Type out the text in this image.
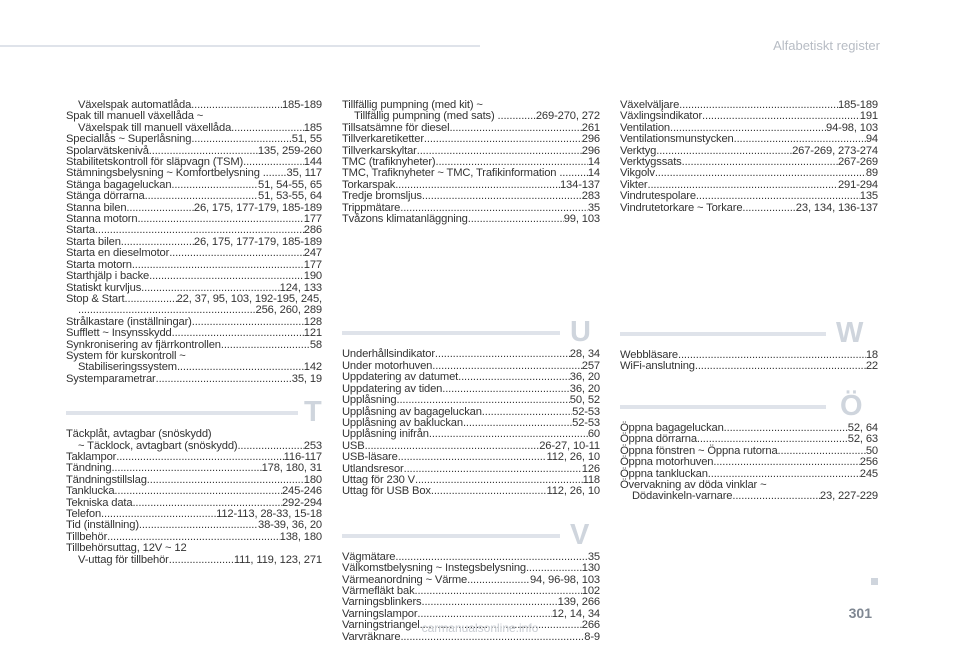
Alfabetiskt register
Växelspak automatlåda .....	185-189
Spak till manuell växellåda ~
Växelspak till manuell växellåda .....	185
Speciallås ~ Superlåsning .....	51, 55
Spolarvätskenivå .....	135, 259-260
Stabilitetskontroll för släpvagn (TSM) .....	144
Stämningsbelysning ~ Komfortbelysning ... ..... 35, 117
Stänga bagageluckan .....	51, 54-55, 65
Stänga dörrarna .....	51, 53-55, 64
Stanna bilen .....	26, 175, 177-179, 185-189
Stanna motorn .....	177
Starta .....	286
Starta bilen .....	26, 175, 177-179, 185-189
Starta en dieselmotor .....	247
Starta motorn .....	177
Starthjälp i backe .....	190
Statiskt kurvljus .....	124, 133
Stop & Start .....	22, 37, 95, 103, 192-195, 245,
.....
256, 260, 289
Strålkastare (inställningar) .....	128
Sufflett ~ Insynsskydd .....	121
Synkronisering av fjärrkontrollen .....	58
System för kurskontroll ~
Stabiliseringssystem .....	142
Systemparametrar .....	35, 19
T
Täckplåt, avtagbar (snöskydd)
~ Täcklock, avtagbart (snöskydd) .....	253
Taklampor .....	116-117
Tändning .....	178, 180, 31
Tändningstillslag .....	180
Tanklucka .....	245-246
Tekniska data .....	292-294
Telefon .....	112-113, 28-33, 15-18
Tid (inställning) .....	38-39, 36, 20
Tillbehör .....	138, 180
Tillbehörsuttag, 12V ~ 12
V-uttag för tillbehör .....	111, 119, 123, 271
Tillfällig pumpning (med kit) ~
Tillfällig pumpning (med sats) ...... ..... 269-270, 272
Tillsatsämne för diesel .....	261
Tillverkaretiketter .....	296
Tillverkarskyltar .....	296
TMC (trafiknyheter) .....	14
TMC, Trafiknyheter ~ TMC, Trafikinformation ... ..... 14
Torkarspak .....	134-137
Tredje bromsljus .....	283
Trippmätare .....	35
Tvåzons klimatanläggning .....	99, 103
U
Underhållsindikator .....	28, 34
Under motorhuven .....	257
Uppdatering av datumet .....	36, 20
Uppdatering av tiden .....	36, 20
Upplåsning .....	50, 52
Upplåsning av bagageluckan .....	52-53
Upplåsning av bakluckan .....	52-53
Upplåsning inifrån .....	60
USB .....	26-27, 10-11
USB-läsare .....	112, 26, 10
Utlandsresor .....	126
Uttag för 230 V .....	118
Uttag för USB Box .....	112, 26, 10
V
Vägmätare .....	35
Välkomstbelysning ~ Instegsbelysning .....	130
Värmeanordning ~ Värme .....	94, 96-98, 103
Värmefläkt bak .....	102
Varningsblinkers .....	139, 266
Varningslampor .....	12, 14, 34
Varningstriangel .....	266
Varvräknare .....	8-9
Växelväljare .....	185-189
Växlingsindikator .....	191
Ventilation .....	94-98, 103
Ventilationsmunstycken .....	94
Verktyg .....	267-269, 273-274
Verktygssats .....	267-269
Vikgolv .....	89
Vikter .....	291-294
Vindrutespolare .....	135
Vindrutetorkare ~ Torkare .....	23, 134, 136-137
W
Webbläsare .....	18
WiFi-anslutning .....	22
Ö
Öppna bagageluckan .....	52, 64
Öppna dörrarna .....	52, 63
Öppna fönstren ~ Öppna rutorna .....	50
Öppna motorhuven .....	256
Öppna tankluckan .....	245
Övervakning av döda vinklar ~
Dödavinkeln-varnare .....	23, 227-229
301
carmanualsonline.info
